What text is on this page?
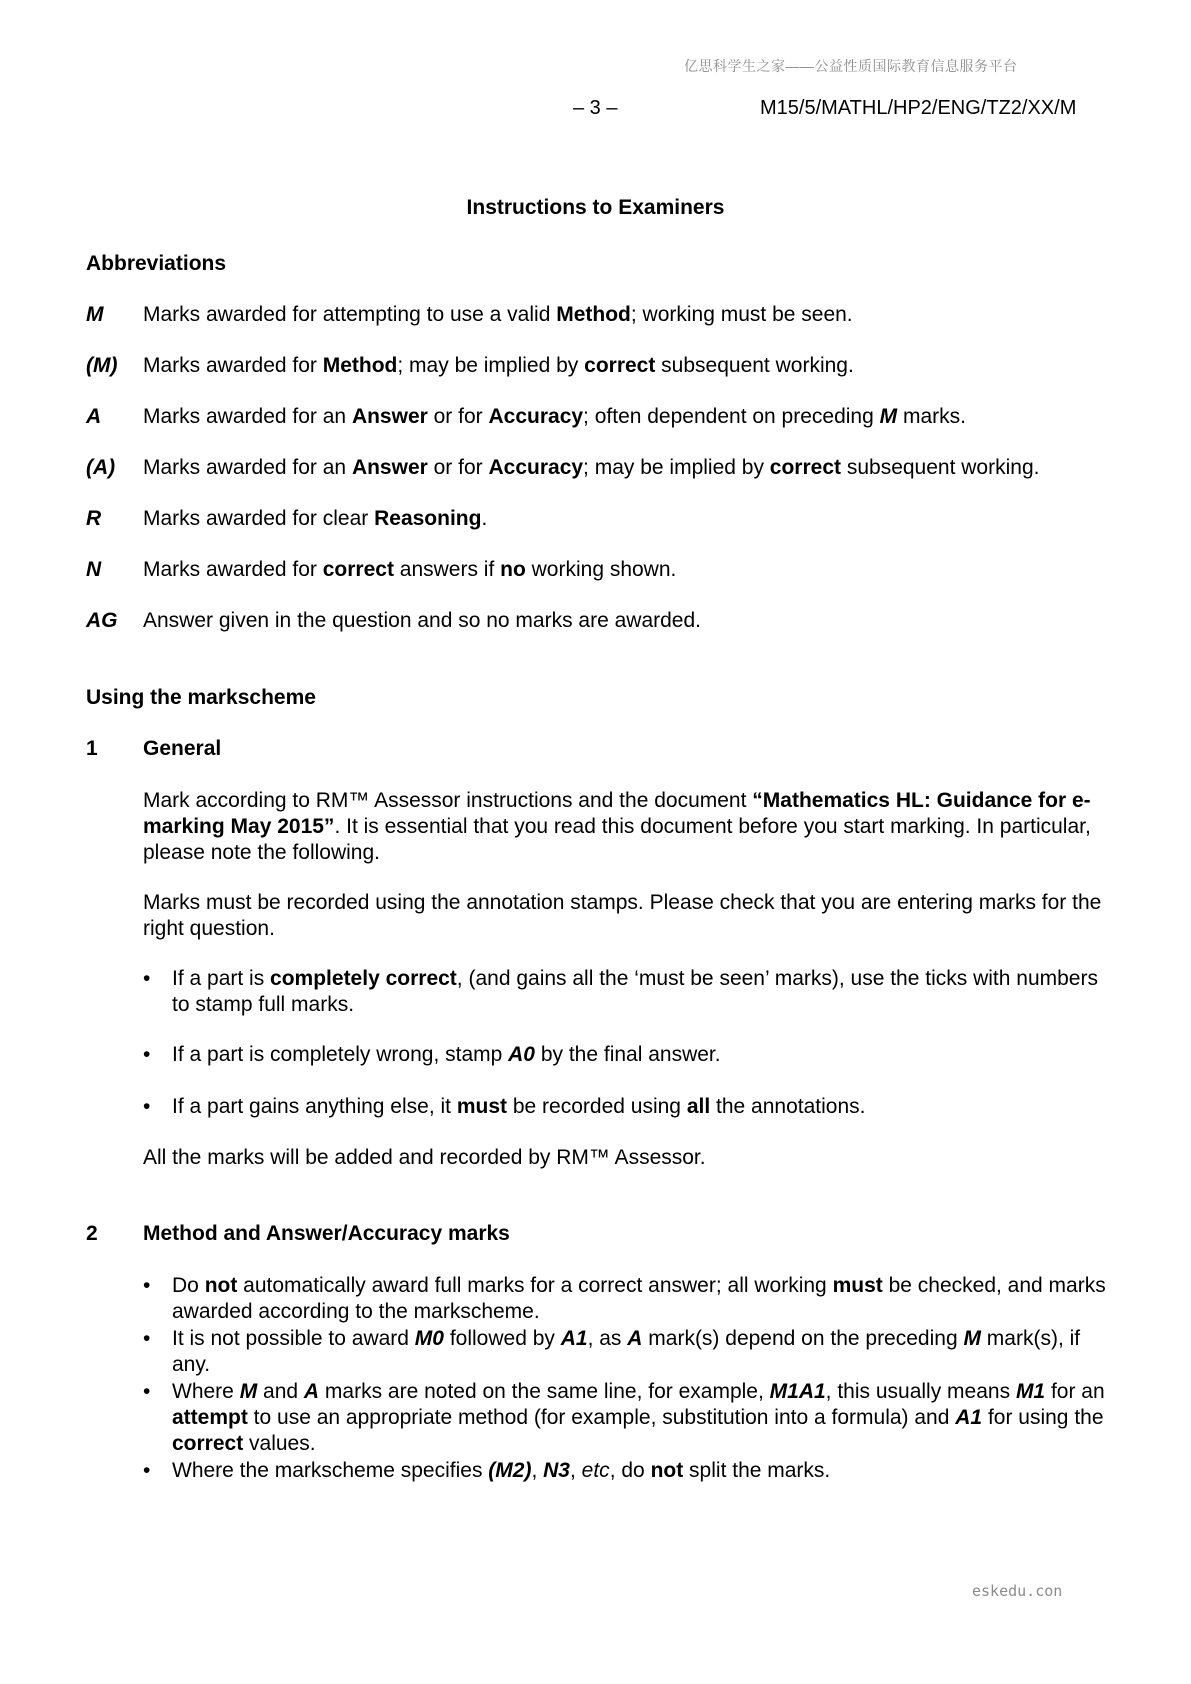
亿思科学生之家——公益性质国际教育信息服务平台
– 3 –	M15/5/MATHL/HP2/ENG/TZ2/XX/M
Instructions to Examiners
Abbreviations
M Marks awarded for attempting to use a valid Method; working must be seen.
(M) Marks awarded for Method; may be implied by correct subsequent working.
A Marks awarded for an Answer or for Accuracy; often dependent on preceding M marks.
(A) Marks awarded for an Answer or for Accuracy; may be implied by correct subsequent working.
R Marks awarded for clear Reasoning.
N Marks awarded for correct answers if no working shown.
AG Answer given in the question and so no marks are awarded.
Using the markscheme
1 General
Mark according to RM™ Assessor instructions and the document “Mathematics HL: Guidance for e-marking May 2015”. It is essential that you read this document before you start marking. In particular, please note the following.
Marks must be recorded using the annotation stamps. Please check that you are entering marks for the right question.
• If a part is completely correct, (and gains all the ‘must be seen’ marks), use the ticks with numbers to stamp full marks.
• If a part is completely wrong, stamp A0 by the final answer.
• If a part gains anything else, it must be recorded using all the annotations.
All the marks will be added and recorded by RM™ Assessor.
2 Method and Answer/Accuracy marks
• Do not automatically award full marks for a correct answer; all working must be checked, and marks awarded according to the markscheme.
• It is not possible to award M0 followed by A1, as A mark(s) depend on the preceding M mark(s), if any.
• Where M and A marks are noted on the same line, for example, M1A1, this usually means M1 for an attempt to use an appropriate method (for example, substitution into a formula) and A1 for using the correct values.
• Where the markscheme specifies (M2), N3, etc, do not split the marks.
eskedu.con
